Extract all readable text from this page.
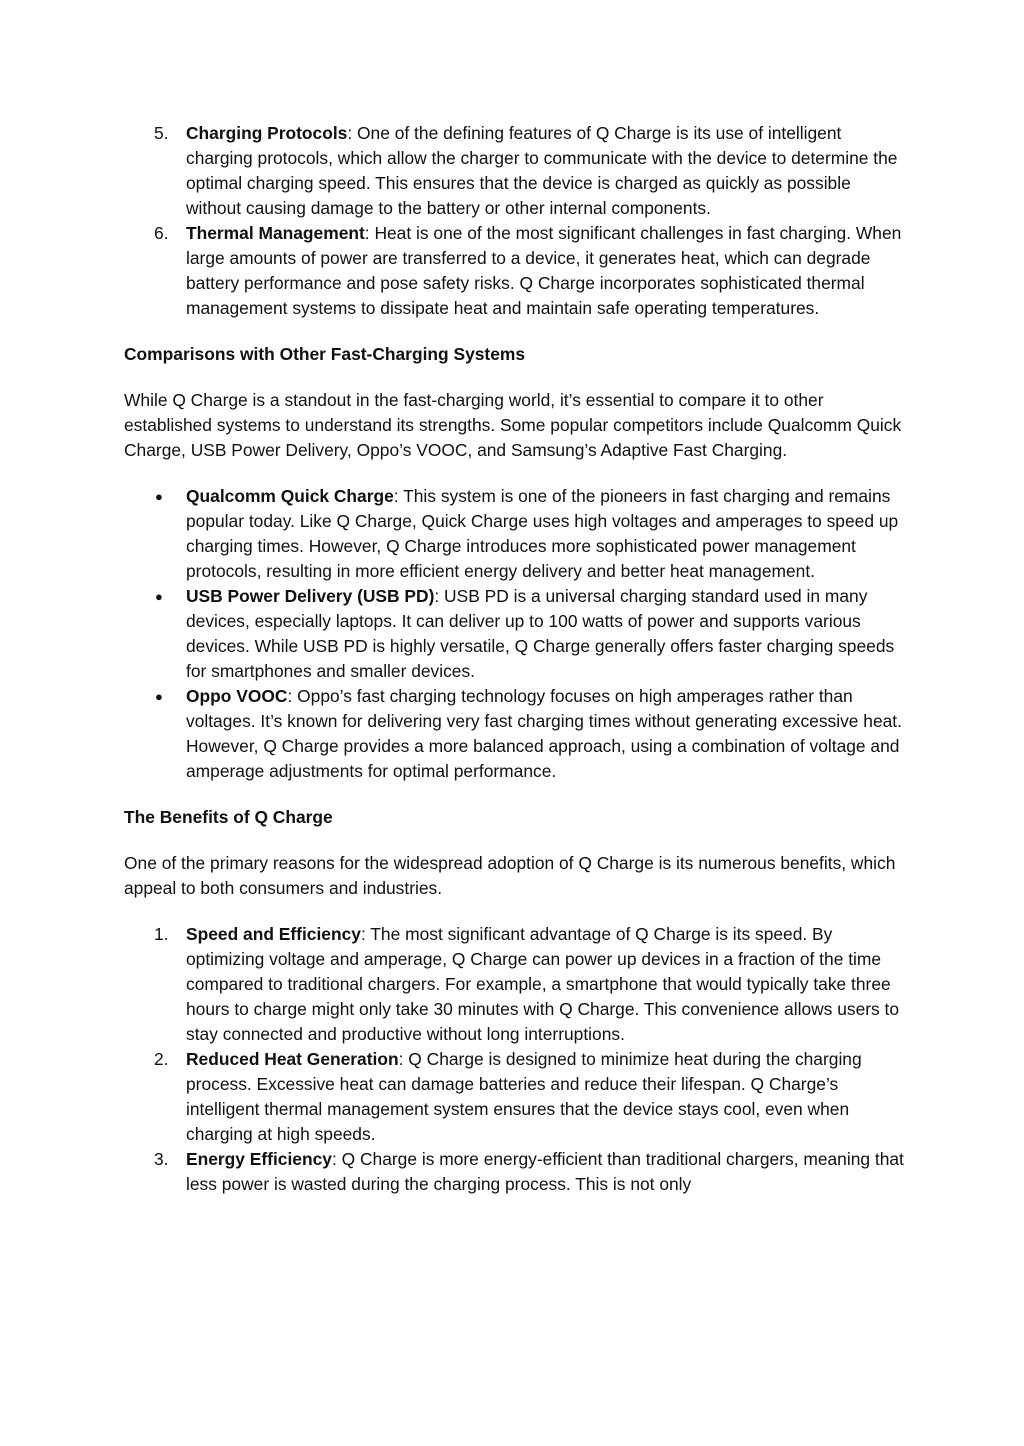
5.	Charging Protocols: One of the defining features of Q Charge is its use of intelligent charging protocols, which allow the charger to communicate with the device to determine the optimal charging speed. This ensures that the device is charged as quickly as possible without causing damage to the battery or other internal components.
6.	Thermal Management: Heat is one of the most significant challenges in fast charging. When large amounts of power are transferred to a device, it generates heat, which can degrade battery performance and pose safety risks. Q Charge incorporates sophisticated thermal management systems to dissipate heat and maintain safe operating temperatures.
Comparisons with Other Fast-Charging Systems

While Q Charge is a standout in the fast-charging world, it’s essential to compare it to other established systems to understand its strengths. Some popular competitors include Qualcomm Quick Charge, USB Power Delivery, Oppo’s VOOC, and Samsung’s Adaptive Fast Charging.

●	Qualcomm Quick Charge: This system is one of the pioneers in fast charging and remains popular today. Like Q Charge, Quick Charge uses high voltages and amperages to speed up charging times. However, Q Charge introduces more sophisticated power management protocols, resulting in more efficient energy delivery and better heat management.
●	USB Power Delivery (USB PD): USB PD is a universal charging standard used in many devices, especially laptops. It can deliver up to 100 watts of power and supports various devices. While USB PD is highly versatile, Q Charge generally offers faster charging speeds for smartphones and smaller devices.
●	Oppo VOOC: Oppo’s fast charging technology focuses on high amperages rather than voltages. It’s known for delivering very fast charging times without generating excessive heat. However, Q Charge provides a more balanced approach, using a combination of voltage and amperage adjustments for optimal performance.
The Benefits of Q Charge

One of the primary reasons for the widespread adoption of Q Charge is its numerous benefits, which appeal to both consumers and industries.

1.	Speed and Efficiency: The most significant advantage of Q Charge is its speed. By optimizing voltage and amperage, Q Charge can power up devices in a fraction of the time compared to traditional chargers. For example, a smartphone that would typically take three hours to charge might only take 30 minutes with Q Charge. This convenience allows users to stay connected and productive without long interruptions.
2.	Reduced Heat Generation: Q Charge is designed to minimize heat during the charging process. Excessive heat can damage batteries and reduce their lifespan. Q Charge’s intelligent thermal management system ensures that the device stays cool, even when charging at high speeds.
3.	Energy Efficiency: Q Charge is more energy-efficient than traditional chargers, meaning that less power is wasted during the charging process. This is not only
